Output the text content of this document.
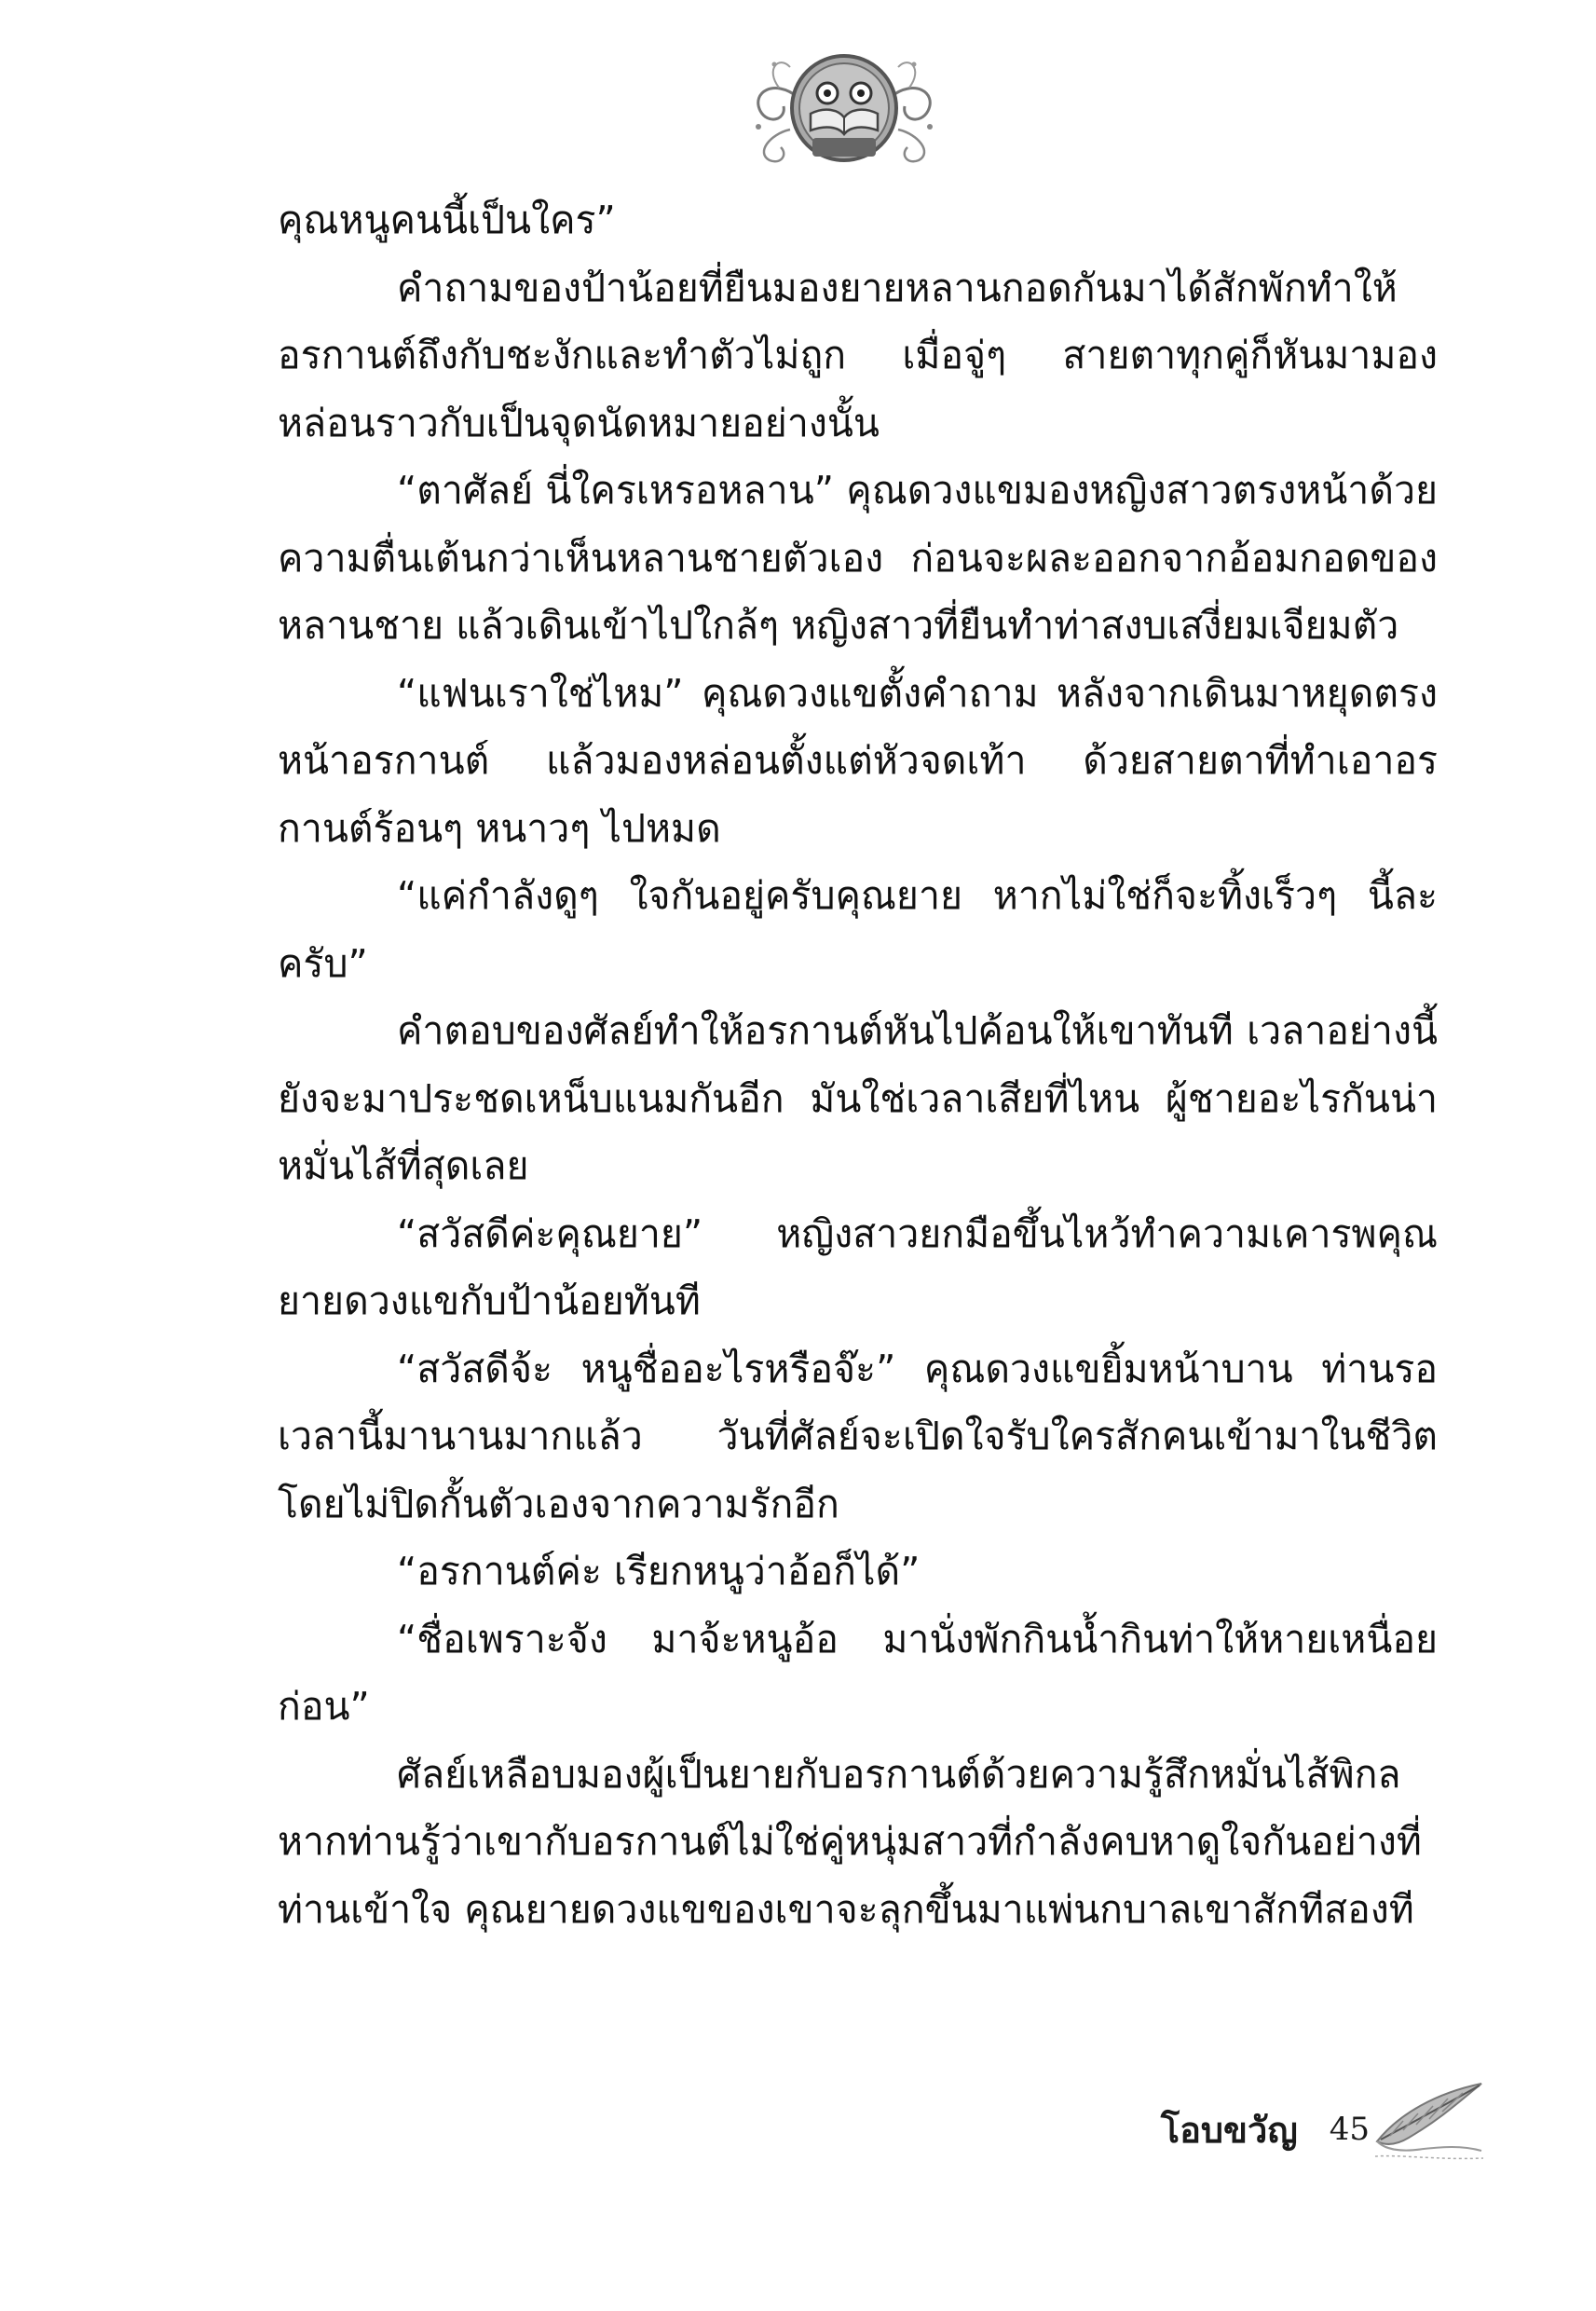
คุณหนูคนนี้เป็นใคร”

คำถามของป้าน้อยที่ยืนมองยายหลานกอดกันมาได้สักพักทำให้อรกานต์ถึงกับชะงักและทำตัวไม่ถูก เมื่อจู่ๆ สายตาทุกคู่ก็หันมามองหล่อนราวกับเป็นจุดนัดหมายอย่างนั้น

“ตาศัลย์ นี่ใครเหรอหลาน” คุณดวงแขมองหญิงสาวตรงหน้าด้วยความตื่นเต้นกว่าเห็นหลานชายตัวเอง ก่อนจะผละออกจากอ้อมกอดของหลานชาย แล้วเดินเข้าไปใกล้ๆ หญิงสาวที่ยืนทำท่าสงบเสงี่ยมเจียมตัว

“แฟนเราใช่ไหม” คุณดวงแขตั้งคำถาม หลังจากเดินมาหยุดตรงหน้าอรกานต์ แล้วมองหล่อนตั้งแต่หัวจดเท้า ด้วยสายตาที่ทำเอาอรกานต์ร้อนๆ หนาวๆ ไปหมด

“แค่กำลังดูๆ ใจกันอยู่ครับคุณยาย หากไม่ใช่ก็จะทิ้งเร็วๆ นี้ละครับ”

คำตอบของศัลย์ทำให้อรกานต์หันไปค้อนให้เขาทันที เวลาอย่างนี้ยังจะมาประชดเหน็บแนมกันอีก มันใช่เวลาเสียที่ไหน ผู้ชายอะไรกันน่าหมั่นไส้ที่สุดเลย

“สวัสดีค่ะคุณยาย” หญิงสาวยกมือขึ้นไหว้ทำความเคารพคุณยายดวงแขกับป้าน้อยทันที

“สวัสดีจ้ะ หนูชื่ออะไรหรือจ๊ะ” คุณดวงแขยิ้มหน้าบาน ท่านรอเวลานี้มานานมากแล้ว วันที่ศัลย์จะเปิดใจรับใครสักคนเข้ามาในชีวิตโดยไม่ปิดกั้นตัวเองจากความรักอีก

“อรกานต์ค่ะ เรียกหนูว่าอ้อก็ได้”

“ชื่อเพราะจัง มาจ้ะหนูอ้อ มานั่งพักกินน้ำกินท่าให้หายเหนื่อยก่อน”

ศัลย์เหลือบมองผู้เป็นยายกับอรกานต์ด้วยความรู้สึกหมั่นไส้พิกลหากท่านรู้ว่าเขากับอรกานต์ไม่ใช่คู่หนุ่มสาวที่กำลังคบหาดูใจกันอย่างที่ท่านเข้าใจ คุณยายดวงแขของเขาจะลุกขึ้นมาแพ่นกบาลเขาสักทีสองที

โอบขวัญ 45
